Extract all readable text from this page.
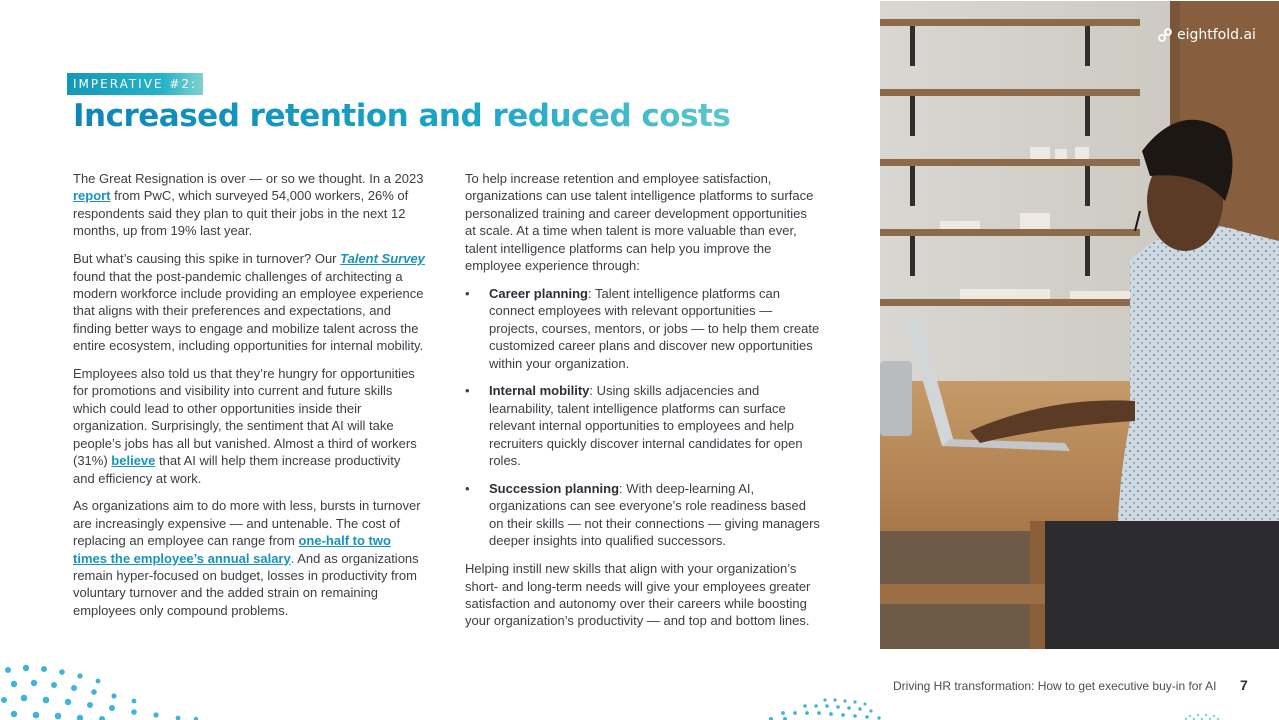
IMPERATIVE #2:
Increased retention and reduced costs

The Great Resignation is over — or so we thought. In a 2023 report from PwC, which surveyed 54,000 workers, 26% of respondents said they plan to quit their jobs in the next 12 months, up from 19% last year.

But what’s causing this spike in turnover? Our Talent Survey found that the post-pandemic challenges of architecting a modern workforce include providing an employee experience that aligns with their preferences and expectations, and finding better ways to engage and mobilize talent across the entire ecosystem, including opportunities for internal mobility.

Employees also told us that they’re hungry for opportunities for promotions and visibility into current and future skills which could lead to other opportunities inside their organization. Surprisingly, the sentiment that AI will take people’s jobs has all but vanished. Almost a third of workers (31%) believe that AI will help them increase productivity and efficiency at work.

As organizations aim to do more with less, bursts in turnover are increasingly expensive — and untenable. The cost of replacing an employee can range from one-half to two times the employee’s annual salary. And as organizations remain hyper-focused on budget, losses in productivity from voluntary turnover and the added strain on remaining employees only compound problems.

To help increase retention and employee satisfaction, organizations can use talent intelligence platforms to surface personalized training and career development opportunities at scale. At a time when talent is more valuable than ever, talent intelligence platforms can help you improve the employee experience through:

• Career planning: Talent intelligence platforms can connect employees with relevant opportunities — projects, courses, mentors, or jobs — to help them create customized career plans and discover new opportunities within your organization.
• Internal mobility: Using skills adjacencies and learnability, talent intelligence platforms can surface relevant internal opportunities to employees and help recruiters quickly discover internal candidates for open roles.
• Succession planning: With deep-learning AI, organizations can see everyone’s role readiness based on their skills — not their connections — giving managers deeper insights into qualified successors.

Helping instill new skills that align with your organization’s short- and long-term needs will give your employees greater satisfaction and autonomy over their careers while boosting your organization’s productivity — and top and bottom lines.

eightfold.ai
Driving HR transformation: How to get executive buy-in for AI 7
